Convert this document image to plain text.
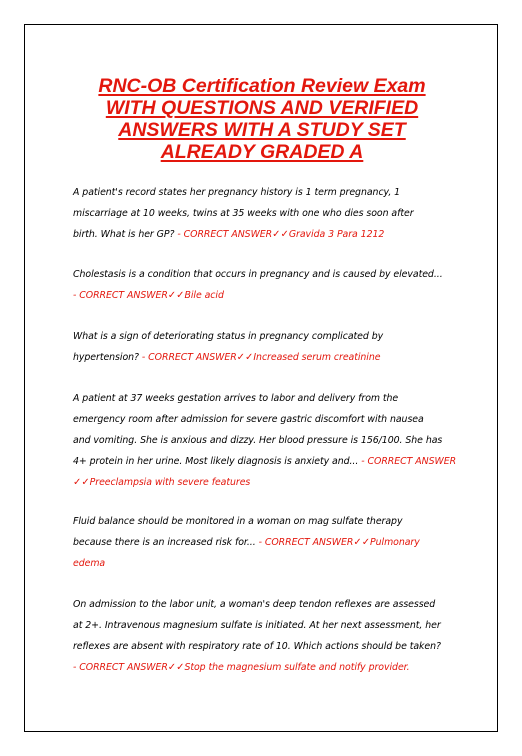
RNC-OB Certification Review Exam
WITH QUESTIONS AND VERIFIED
ANSWERS WITH A STUDY SET
ALREADY GRADED A

A patient's record states her pregnancy history is 1 term pregnancy, 1
miscarriage at 10 weeks, twins at 35 weeks with one who dies soon after
birth. What is her GP? - CORRECT ANSWER✓✓Gravida 3 Para 1212

Cholestasis is a condition that occurs in pregnancy and is caused by elevated...
- CORRECT ANSWER✓✓Bile acid

What is a sign of deteriorating status in pregnancy complicated by
hypertension? - CORRECT ANSWER✓✓Increased serum creatinine

A patient at 37 weeks gestation arrives to labor and delivery from the
emergency room after admission for severe gastric discomfort with nausea
and vomiting. She is anxious and dizzy. Her blood pressure is 156/100. She has
4+ protein in her urine. Most likely diagnosis is anxiety and... - CORRECT ANSWER
✓✓Preeclampsia with severe features

Fluid balance should be monitored in a woman on mag sulfate therapy
because there is an increased risk for... - CORRECT ANSWER✓✓Pulmonary
edema

On admission to the labor unit, a woman's deep tendon reflexes are assessed
at 2+. Intravenous magnesium sulfate is initiated. At her next assessment, her
reflexes are absent with respiratory rate of 10. Which actions should be taken?
- CORRECT ANSWER✓✓Stop the magnesium sulfate and notify provider.
